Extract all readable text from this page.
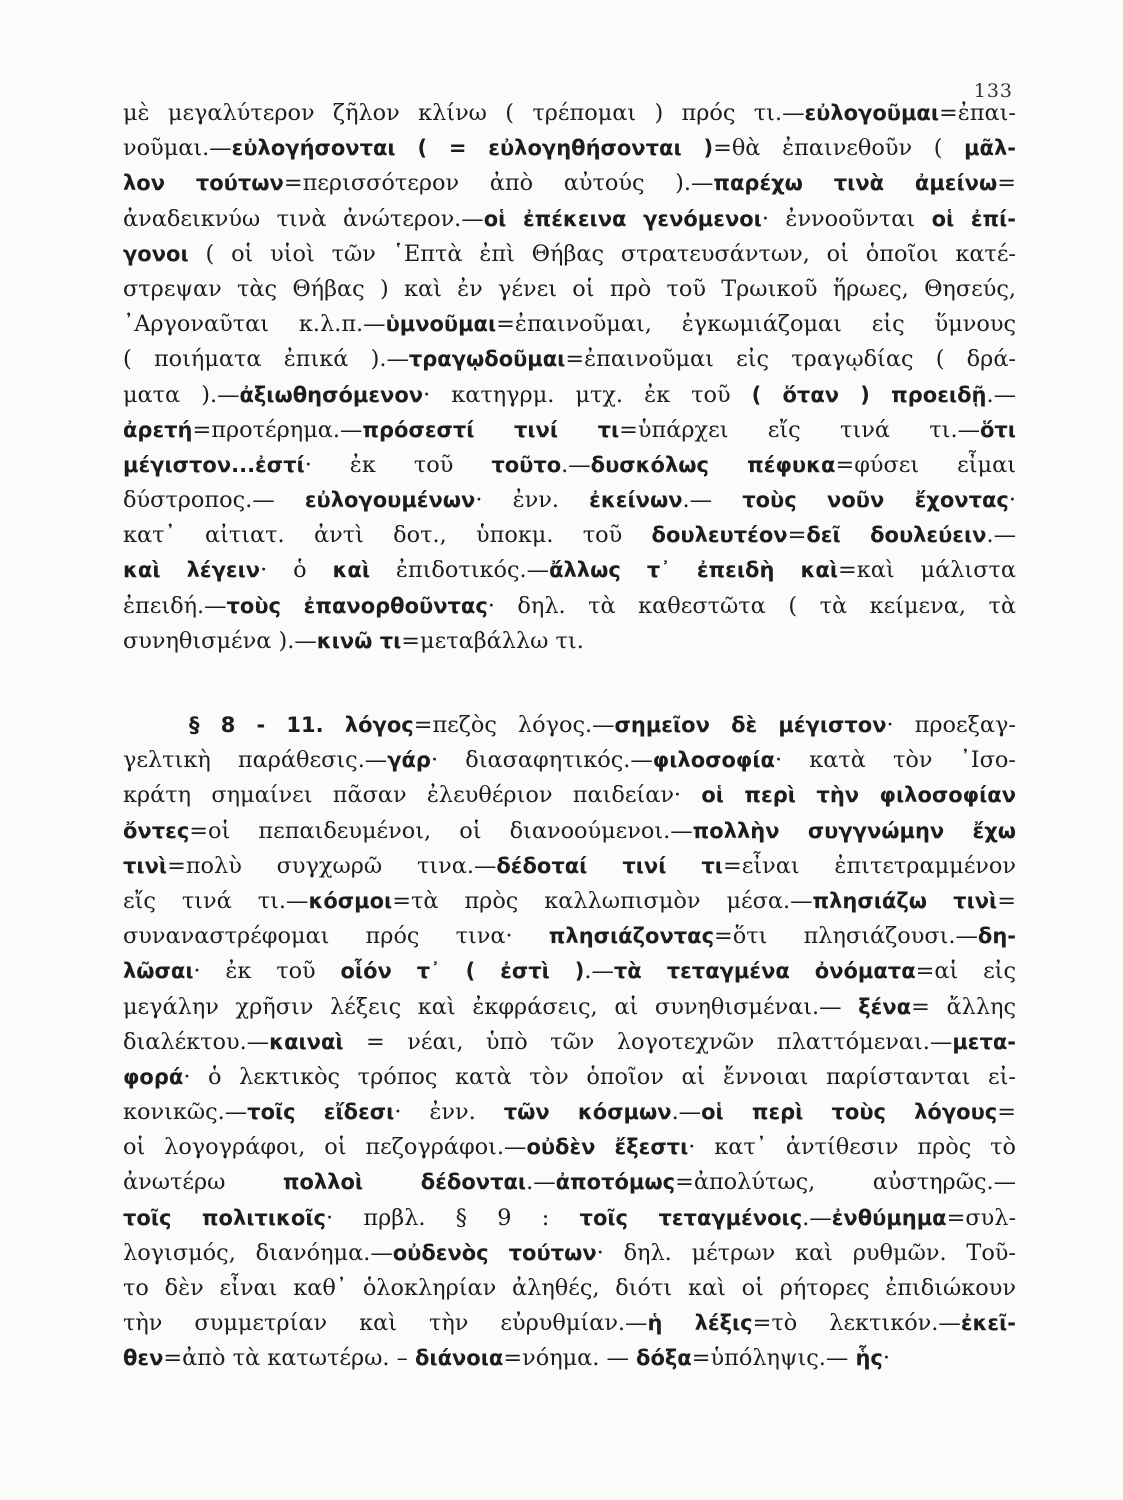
133
μὲ μεγαλύτερον ζῆλον κλίνω ( τρέπομαι ) πρός τι.—εὐλογοῦμαι=ἐπαι-
νοῦμαι.—εὐλογήσονται ( = εὐλογηθήσονται )=θὰ ἐπαινεθοῦν ( μᾶλ-
λον τούτων=περισσότερον ἀπὸ αὐτούς ).—παρέχω τινὰ ἀμείνω=
ἀναδεικνύω τινὰ ἀνώτερον.—οἱ ἐπέκεινα γενόμενοι· ἐννοοῦνται οἱ ἐπί-
γονοι ( οἱ υἱοὶ τῶν ῾Επτὰ ἐπὶ Θήβας στρατευσάντων, οἱ ὁποῖοι κατέ-
στρεψαν τὰς Θήβας ) καὶ ἐν γένει οἱ πρὸ τοῦ Τρωικοῦ ἥρωες, Θησεύς,
᾿Αργοναῦται κ.λ.π.—ὑμνοῦμαι=ἐπαινοῦμαι, ἐγκωμιάζομαι εἰς ὕμνους
( ποιήματα ἐπικά ).—τραγῳδοῦμαι=ἐπαινοῦμαι εἰς τραγῳδίας ( δρά-
ματα ).—ἀξιωθησόμενον· κατηγρμ. μτχ. ἐκ τοῦ ( ὅταν ) προειδῇ.—
ἀρετή=προτέρημα.—πρόσεστί τινί τι=ὑπάρχει εἴς τινά τι.—ὅτι
μέγιστον...ἐστί· ἐκ τοῦ τοῦτο.—δυσκόλως πέφυκα=φύσει εἶμαι
δύστροπος.— εὐλογουμένων· ἐνν. ἐκείνων.— τοὺς νοῦν ἔχοντας·
κατ᾿ αἰτιατ. ἀντὶ δοτ., ὑποκμ. τοῦ δουλευτέον=δεῖ δουλεύειν.—
καὶ λέγειν· ὁ καὶ ἐπιδοτικός.—ἄλλως τ᾿ ἐπειδὴ καὶ=καὶ μάλιστα
ἐπειδή.—τοὺς ἐπανορθοῦντας· δηλ. τὰ καθεστῶτα ( τὰ κείμενα, τὰ
συνηθισμένα ).—κινῶ τι=μεταβάλλω τι.
§ 8 - 11. λόγος=πεζὸς λόγος.—σημεῖον δὲ μέγιστον· προεξαγ-
γελτικὴ παράθεσις.—γάρ· διασαφητικός.—φιλοσοφία· κατὰ τὸν ᾿Ισο-
κράτη σημαίνει πᾶσαν ἐλευθέριον παιδείαν· οἱ περὶ τὴν φιλοσοφίαν
ὄντες=οἱ πεπαιδευμένοι, οἱ διανοούμενοι.—πολλὴν συγγνώμην ἔχω
τινὶ=πολὺ συγχωρῶ τινα.—δέδοταί τινί τι=εἶναι ἐπιτετραμμένον
εἴς τινά τι.—κόσμοι=τὰ πρὸς καλλωπισμὸν μέσα.—πλησιάζω τινὶ=
συναναστρέφομαι πρός τινα· πλησιάζοντας=ὅτι πλησιάζουσι.—δη-
λῶσαι· ἐκ τοῦ οἷόν τ᾿ ( ἐστὶ ).—τὰ τεταγμένα ὀνόματα=αἱ εἰς
μεγάλην χρῆσιν λέξεις καὶ ἐκφράσεις, αἱ συνηθισμέναι.— ξένα= ἄλλης
διαλέκτου.—καιναὶ = νέαι, ὑπὸ τῶν λογοτεχνῶν πλαττόμεναι.—μετα-
φορά· ὁ λεκτικὸς τρόπος κατὰ τὸν ὁποῖον αἱ ἔννοιαι παρίστανται εἰ-
κονικῶς.—τοῖς εἴδεσι· ἐνν. τῶν κόσμων.—οἱ περὶ τοὺς λόγους=
οἱ λογογράφοι, οἱ πεζογράφοι.—οὐδὲν ἔξεστι· κατ᾿ ἀντίθεσιν πρὸς τὸ
ἀνωτέρω πολλοὶ δέδονται.—ἀποτόμως=ἀπολύτως, αὐστηρῶς.—
τοῖς πολιτικοῖς· πρβλ. § 9 : τοῖς τεταγμένοις.—ἐνθύμημα=συλ-
λογισμός, διανόημα.—οὐδενὸς τούτων· δηλ. μέτρων καὶ ρυθμῶν. Τοῦ-
το δὲν εἶναι καθ᾿ ὁλοκληρίαν ἀληθές, διότι καὶ οἱ ρήτορες ἐπιδιώκουν
τὴν συμμετρίαν καὶ τὴν εὐρυθμίαν.—ἡ λέξις=τὸ λεκτικόν.—ἐκεῖ-
θεν=ἀπὸ τὰ κατωτέρω. – διάνοια=νόημα. — δόξα=ὑπόληψις.— ἧς·
